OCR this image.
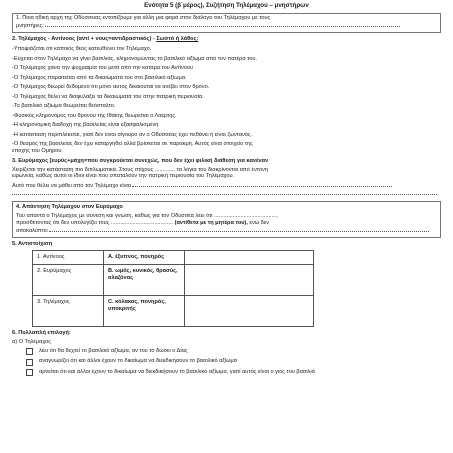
Ενότητα 5 (β΄μέρος), Συζήτηση Τηλέμαχου – μνηστήρων
1. Ποια ηθική αρχή της Οδύσσειας εντοπίζουμε για άλλη μια φορά στον διάλογο του Τηλέμαχου με τους
μνηστήρες;
2. Τηλέμαχος - Αντίνοος (αντί + νους=αντιδραστικός) - Σωστό ή λάθος:
-Υποψιάζεται ότι κάποιος θεός κατευθύνει τον Τηλέμαχο.
-Εύχεται στον Τηλέμαχο να γίνει βασιλιάς, κληρονομώντας το βασιλικό αξίωμα από τον πατέρα του.
-Ο Τηλέμαχος χάνει την ψυχραιμία του μετά από την κατάρα του Αντίνοου
-Ο Τηλέμαχος παραιτείται από τα δικαιώματά του στο βασιλικό αξίωμα.
-Ο Τηλέμαχος θεωρεί δεδομένο ότι μόνο αυτός δικαιούται να ανέβει στον θρόνο.
-Ο Τηλέμαχος θέλει να διαφυλάξει τα δικαιώματά του στην πατρική περιουσία.
-Το βασιλικό αξίωμα θεωρείται θεόσταλτο.
-Φυσικός κληρονόμος του θρόνου της Ιθάκης θεωρείται ο Λαέρτης.
-Η κληρονομική διαδοχή της βασιλείας είναι εξασφαλισμένη
-Η κατάσταση περιπλέκεται, γιατί δεν είναι σίγουρο αν ο Οδυσσέας έχει πεθάνει ή είναι ζωντανός.
-Ο θεσμός της βασιλείας δεν έχει καταργηθεί αλλά βρίσκεται σε παρακμή. Αυτός είναι στοιχείο της
εποχής του Ομήρου.
3. Ευρύμαχος [ευρύς+μάχη=που συγκρούεται συνεχώς, που δεν έχει φιλική διάθεση για κανέναν
Χειρίζεται την κατάσταση πιο διπλωματικά. Στους στίχους ............. τα λόγια του διακρίνονται από έντονη
ειρωνεία, καθώς αυτοί οι ίδιοι είναι που σπαταλούν την πατρική περιουσία του Τηλέμαχου.
Αυτό που θέλει να μάθει από τον Τηλέμαχο είναι
4. Απάντηση Τηλέμαχου στον Ευρύμαχο
Του απαντά ο Τηλέμαχος με σύνεση και γνώση, καθώς για τον Οδυσσέα λέει ότι ........................................,
προσθέτοντας ότι δεν υπολογίζει τους ........................................ (αντίθετα με τη μητέρα του), ενώ δεν
αποκαλύπτει
5. Αντιστοίχιση
1. Αντίνοος	Α. έξυπνος, πονηρός	
2. Ευρύμαχος	Β. ωμός, κυνικός, θρασύς, αλαζόνας	
3. Τηλέμαχος	C. κόλακας, πονηρός, υποκριτής	
6. Πολλαπλή επιλογή:
α) Ο Τηλέμαχος
λέει ότι θα δεχτεί το βασιλικό αξίωμα, αν του το δώσει ο Δίας
αναγνωρίζει ότι και άλλοι έχουν το δικαίωμα να διεκδικήσουν το βασιλικό αξίωμα
αρνείται ότι και άλλοι έχουν το δικαίωμα να διεκδικήσουν το βασιλικό αξίωμα, γιατί αυτός είναι ο γιος του βασιλιά
